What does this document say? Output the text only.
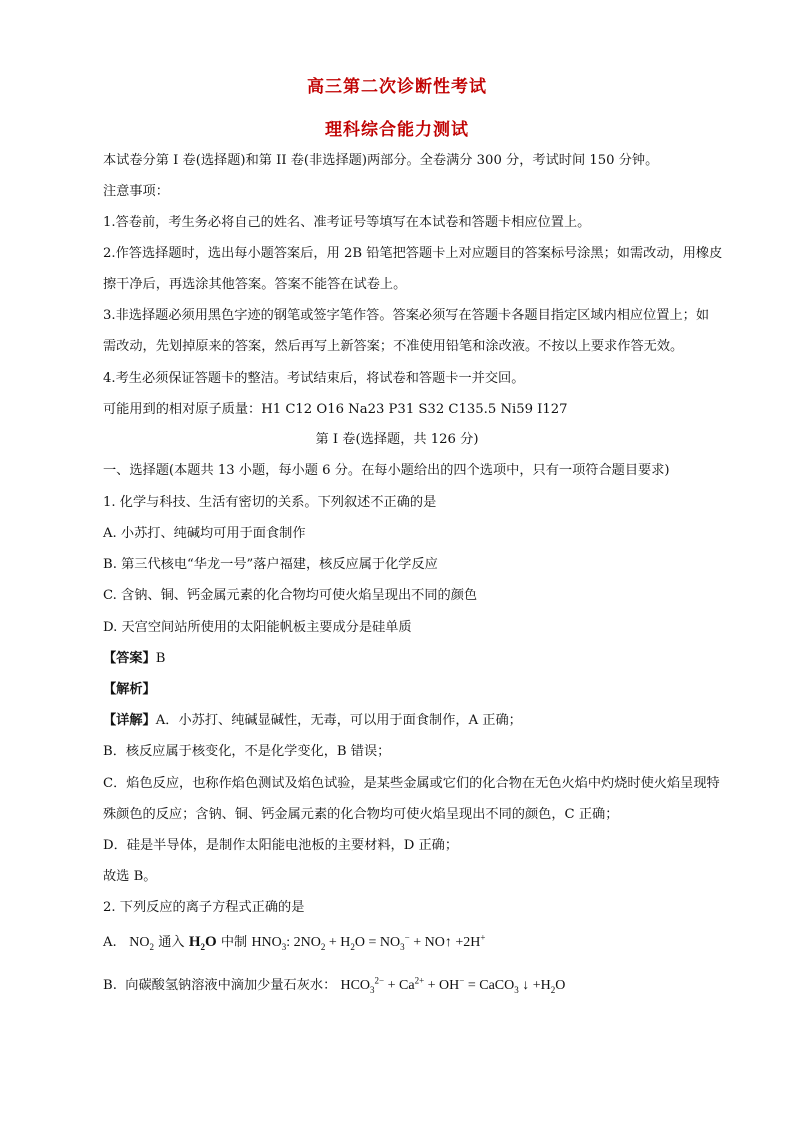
高三第二次诊断性考试
理科综合能力测试
本试卷分第 I 卷(选择题)和第 II 卷(非选择题)两部分。全卷满分 300 分，考试时间 150 分钟。
注意事项：
1.答卷前，考生务必将自己的姓名、准考证号等填写在本试卷和答题卡相应位置上。
2.作答选择题时，选出每小题答案后，用 2B 铅笔把答题卡上对应题目的答案标号涂黑；如需改动，用橡皮
擦干净后，再选涂其他答案。答案不能答在试卷上。
3.非选择题必须用黑色字迹的钢笔或签字笔作答。答案必须写在答题卡各题目指定区域内相应位置上；如
需改动，先划掉原来的答案，然后再写上新答案；不准使用铅笔和涂改液。不按以上要求作答无效。
4.考生必须保证答题卡的整洁。考试结束后，将试卷和答题卡一并交回。
可能用到的相对原子质量：H1 C12 O16 Na23 P31 S32 C135.5 Ni59 I127
第 I 卷(选择题，共 126 分)
一、选择题(本题共 13 小题，每小题 6 分。在每小题给出的四个选项中，只有一项符合题目要求)
1. 化学与科技、生活有密切的关系。下列叙述不正确的是
A. 小苏打、纯碱均可用于面食制作
B. 第三代核电“华龙一号”落户福建，核反应属于化学反应
C. 含钠、铜、钙金属元素的化合物均可使火焰呈现出不同的颜色
D. 天宫空间站所使用的太阳能帆板主要成分是硅单质
【答案】B
【解析】
【详解】A．小苏打、纯碱显碱性，无毒，可以用于面食制作，A 正确；
B．核反应属于核变化，不是化学变化，B 错误；
C．焰色反应，也称作焰色测试及焰色试验，是某些金属或它们的化合物在无色火焰中灼烧时使火焰呈现特
殊颜色的反应；含钠、铜、钙金属元素的化合物均可使火焰呈现出不同的颜色，C 正确；
D．硅是半导体，是制作太阳能电池板的主要材料，D 正确；
故选 B。
2. 下列反应的离子方程式正确的是
A. $NO_2$ 通入 $H_2O$ 中制 $HNO_3$: $2NO_2 + H_2O = NO_3^-$ + NO↑ +2H+
B. 向碳酸氢钠溶液中滴加少量石灰水： $HCO_3^{2-} + Ca^{2+} + OH^-$ = CaCO$_3$ ↓ $+H_2O$
